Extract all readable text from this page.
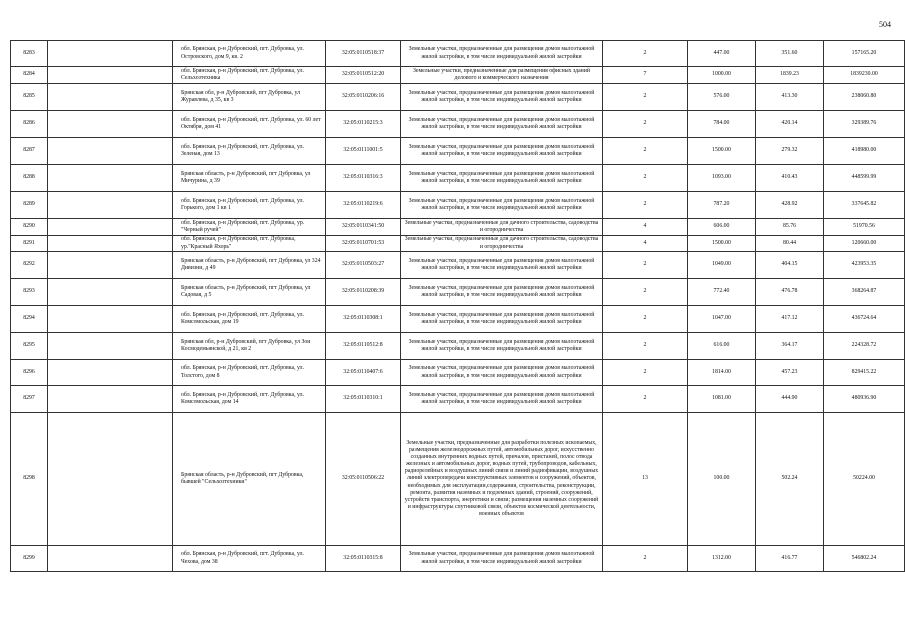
504
8283		обл. Брянская, р-н Дубровский, пгт. Дубровка, ул. Островского, дом 9, кв. 2	32:05:0110518:37	Земельные участки, предназначенные для размещения домов малоэтажной жилой застройки, в том числе индивидуальной жилой застройки	2	447.00	351.60	157165.20	
8284		обл. Брянская, р-н Дубровский, пгт. Дубровка, ул. Сельхозтехника	32:05:0110512:20	Земельные участки, предназначенные для размещения офисных зданий делового и коммерческого назначения	7	1000.00	1839.23	1839230.00	
8285		Брянская обл, р-н Дубровский, пгт Дубровка, ул Журавлева, д 35, кв 3	32:05:0110206:16	Земельные участки, предназначенные для размещения домов малоэтажной жилой застройки, в том числе индивидуальной жилой застройки	2	576.00	413.30	238060.80	
8286		обл. Брянская, р-н Дубровский, пгт. Дубровка, ул. 60 лет Октября, дом 41	32:05:0110215:3	Земельные участки, предназначенные для размещения домов малоэтажной жилой застройки, в том числе индивидуальной жилой застройки	2	784.00	420.14	329389.76	
8287		обл. Брянская, р-н Дубровский, пгт. Дубровка, ул. Зеленая, дом 13	32:05:0111001:5	Земельные участки, предназначенные для размещения домов малоэтажной жилой застройки, в том числе индивидуальной жилой застройки	2	1500.00	279.32	418980.00	
8288		Брянская область, р-н Дубровский, пгт Дубровка, ул Мичурина, д 39	32:05:0110316:3	Земельные участки, предназначенные для размещения домов малоэтажной жилой застройки, в том числе индивидуальной жилой застройки	2	1093.00	410.43	448599.99	
8289		обл. Брянская, р-н Дубровский, пгт. Дубровка, ул. Горького, дом 1 кв 1	32:05:0110219:6	Земельные участки, предназначенные для размещения домов малоэтажной жилой застройки, в том числе индивидуальной жилой застройки	2	787.20	428.92	337645.82	
8290		обл. Брянская, р-н Дубровский, пгт. Дубровка, ур. "Черный ручей"	32:05:0110341:50	Земельные участки, предназначенные для дачного строительства, садоводства и огородничества	4	606.00	85.76	51970.56	
8291		обл. Брянская, р-н Дубровский, пгт. Дубровка, ур."Красный Яхорь"	32:05:0110701:53	Земельные участки, предназначенные для дачного строительства, садоводства и огородничества	4	1500.00	80.44	120660.00	
8292		Брянская область, р-н Дубровский, пгт Дубровка, ул 324 Дивизии, д 49	32:05:0110503:27	Земельные участки, предназначенные для размещения домов малоэтажной жилой застройки, в том числе индивидуальной жилой застройки	2	1049.00	404.15	423953.35	
8293		Брянская область, р-н Дубровский, пгт Дубровка, ул Садовая, д 5	32:05:0110208:39	Земельные участки, предназначенные для размещения домов малоэтажной жилой застройки, в том числе индивидуальной жилой застройки	2	772.40	476.78	368264.87	
8294		обл. Брянская, р-н Дубровский, пгт. Дубровка, ул. Комсомольская, дом 19	32:05:0110308:1	Земельные участки, предназначенные для размещения домов малоэтажной жилой застройки, в том числе индивидуальной жилой застройки	2	1047.00	417.12	436724.64	
8295		Брянская обл, р-н Дубровский, пгт Дубровка, ул Зои Космодемьянской, д 21, кв 2	32:05:0110512:8	Земельные участки, предназначенные для размещения домов малоэтажной жилой застройки, в том числе индивидуальной жилой застройки	2	616.00	364.17	224328.72	
8296		обл. Брянская, р-н Дубровский, пгт. Дубровка, ул. Толстого, дом 8	32:05:0110407:6	Земельные участки, предназначенные для размещения домов малоэтажной жилой застройки, в том числе индивидуальной жилой застройки	2	1814.00	457.23	829415.22	
8297		обл. Брянская, р-н Дубровский, пгт. Дубровка, ул. Комсомольская, дом 14	32:05:0110310:1	Земельные участки, предназначенные для размещения домов малоэтажной жилой застройки, в том числе индивидуальной жилой застройки	2	1081.00	444.90	480936.90	
8298		Брянская область, р-н Дубровский, пгт Дубровка, бывшей "Сельхозтехники"	32:05:0110506:22	Земельные участки, предназначенные для разработки полезных ископаемых, размещения железнодорожных путей, автомобильных дорог, искусственно созданных внутренних водных путей, причалов, пристаней, полос отвода железных и автомобильных дорог, водных путей, трубопроводов, кабельных, радиорелейных и воздушных линий связи и линий радиофикации, воздушных линий электропередачи конструктивных элементов и сооружений, объектов, необходимых для эксплуатации,содержания, строительства, реконструкции, ремонта, развития наземных и подземных зданий, строений, сооружений, устройств транспорта, энергетики и связи; размещения наземных сооружений и инфраструктуры спутниковой связи, объектов космической деятельности, военных объектов	13	100.00	502.24	50224.00	
8299		обл. Брянская, р-н Дубровский, пгт. Дубровка, ул. Чехова, дом 38	32:05:0110315:8	Земельные участки, предназначенные для размещения домов малоэтажной жилой застройки, в том числе индивидуальной жилой застройки	2	1312.00	416.77	546802.24	
